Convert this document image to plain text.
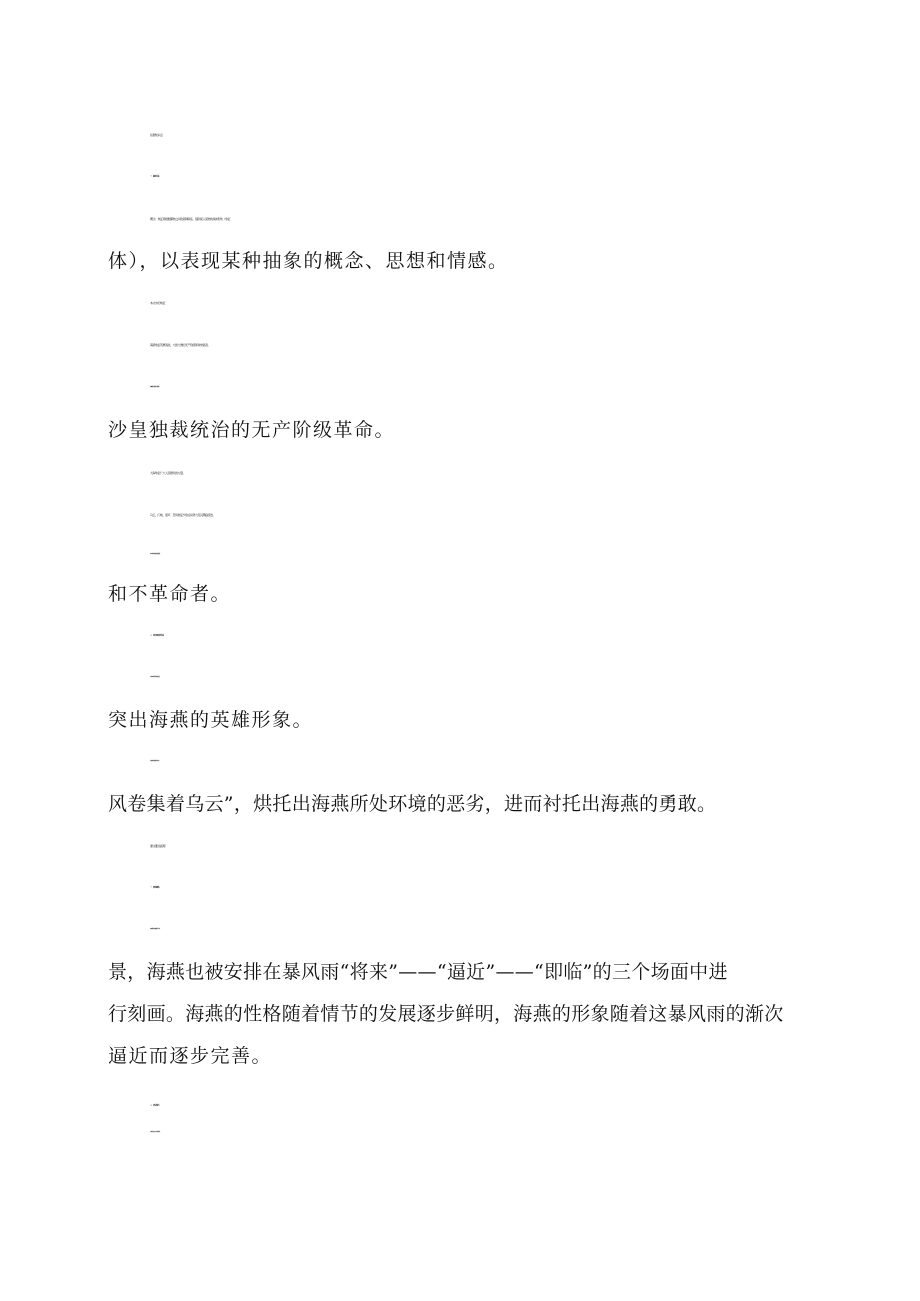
拓展知识点
一、象征手法
概念：象征是根据事物之间的某种联系，借助某人某物的具体形象（象征
体），以表现某种抽象的概念、思想和情感。
本文中的象征
海燕象征英勇善战、大智大勇的无产阶级革命先驱者。
暴风雨象征1905年俄国革命前夕一触即发的革命形势，一场酝酿中的推翻
沙皇独裁统治的无产阶级革命。
大海象征广大人民群众的力量。
乌云、闪电、雷声、狂风象征沙皇反动势力及其黑暗统治。
海鸥、海鸭、企鹅象征害怕革命会破坏他们的安乐窝的形形色色的假革命
和不革命者。
二、对比和烘托手法
对比：把海鸥、海鸭、企鹅的胆怯、懦弱与海燕的勇敢、无畏进行对比，
突出海燕的英雄形象。
烘托：通过描绘暴风雨来临前大海海面的变化，如“在苍茫的大海上，狂
风卷集着乌云”，烘托出海燕所处环境的恶劣，进而衬托出海燕的勇敢。
课文要点梳理
一、结构脉络
本文以暴风雨渐次逼近为线索，按海面景象的发展变化可分为三个大的场
景，海燕也被安排在暴风雨“将来”——“逼近”——“即临”的三个场面中进
行刻画。海燕的性格随着情节的发展逐步鲜明，海燕的形象随着这暴风雨的渐次
逼近而逐步完善。
二、语言特色
运用大量的修辞手法，如比喻、拟人、夸张、排比等，增强语言的表现力。
